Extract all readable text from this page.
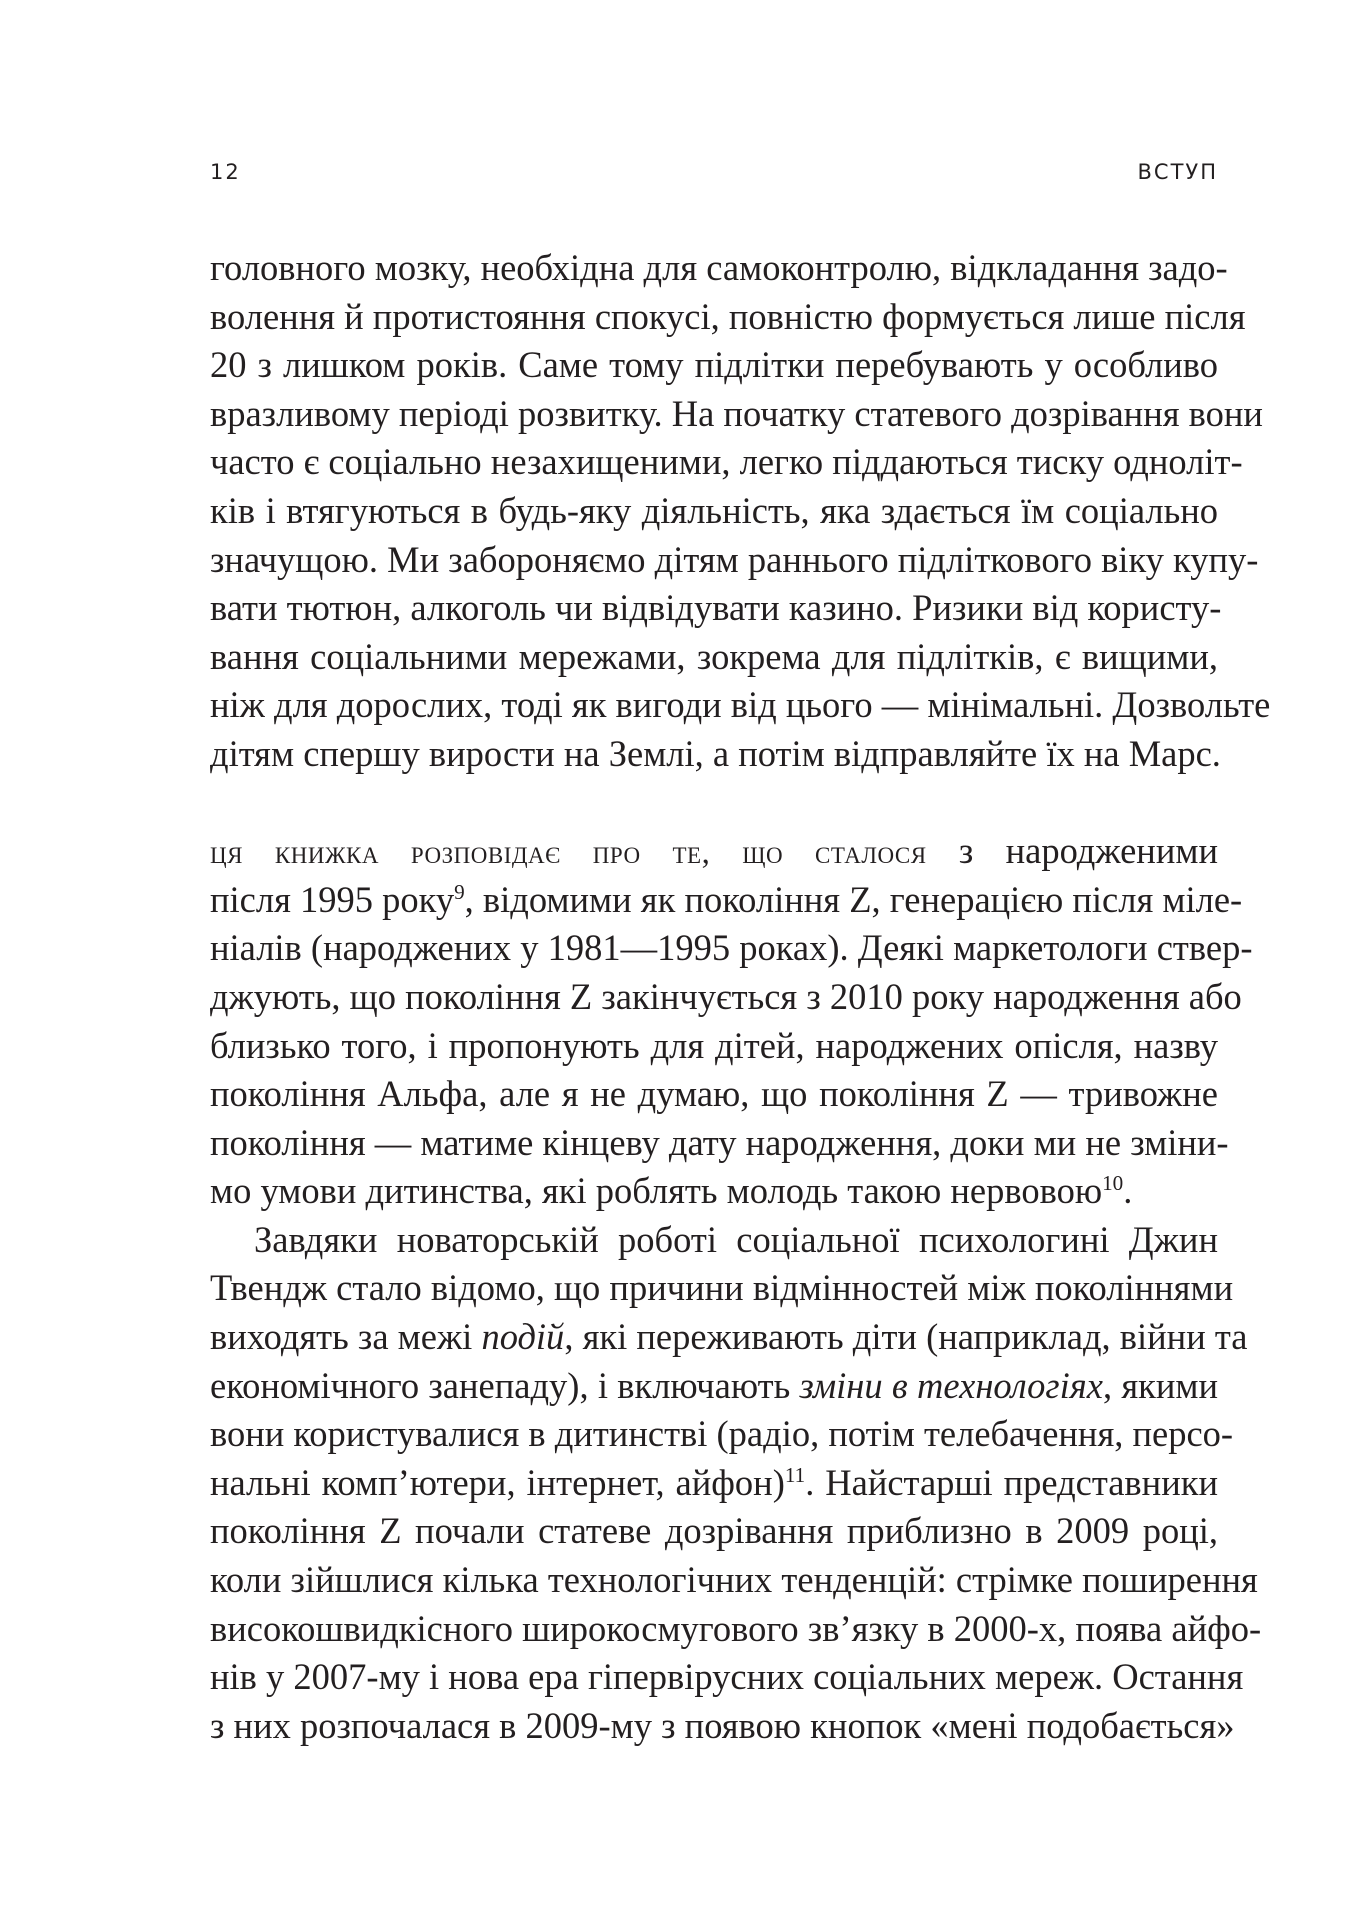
12	ВСТУП
головного мозку, необхідна для самоконтролю, відкладання задо-
волення й протистояння спокусі, повністю формується лише після
20 з лишком років. Саме тому підлітки перебувають у особливо
вразливому періоді розвитку. На початку статевого дозрівання вони
часто є соціально незахищеними, легко піддаються тиску одноліт-
ків і втягуються в будь-яку діяльність, яка здається їм соціально
значущою. Ми забороняємо дітям раннього підліткового віку купу-
вати тютюн, алкоголь чи відвідувати казино. Ризики від користу-
вання соціальними мережами, зокрема для підлітків, є вищими,
ніж для дорослих, тоді як вигоди від цього — мінімальні. Дозвольте
дітям спершу вирости на Землі, а потім відправляйте їх на Марс.
ця книжка розповідає про те, що сталося з народженими
після 1995 року$^9$, відомими як покоління Z, генерацією після міле-
ніалів (народжених у 1981—1995 роках). Деякі маркетологи ствер-
джують, що покоління Z закінчується з 2010 року народження або
близько того, і пропонують для дітей, народжених опісля, назву
покоління Альфа, але я не думаю, що покоління Z — тривожне
покоління — матиме кінцеву дату народження, доки ми не зміни-
мо умови дитинства, які роблять молодь такою нервовою$^{10}$.
Завдяки новаторській роботі соціальної психологині Джин
Твендж стало відомо, що причини відмінностей між поколіннями
виходять за межі подій, які переживають діти (наприклад, війни та
економічного занепаду), і включають зміни в технологіях, якими
вони користувалися в дитинстві (радіо, потім телебачення, персо-
нальні комп’ютери, інтернет, айфон)$^{11}$. Найстарші представники
покоління Z почали статеве дозрівання приблизно в 2009 році,
коли зійшлися кілька технологічних тенденцій: стрімке поширення
високошвидкісного широкосмугового зв’язку в 2000-х, поява айфо-
нів у 2007-му і нова ера гіпервірусних соціальних мереж. Остання
з них розпочалася в 2009-му з появою кнопок «мені подобається»
